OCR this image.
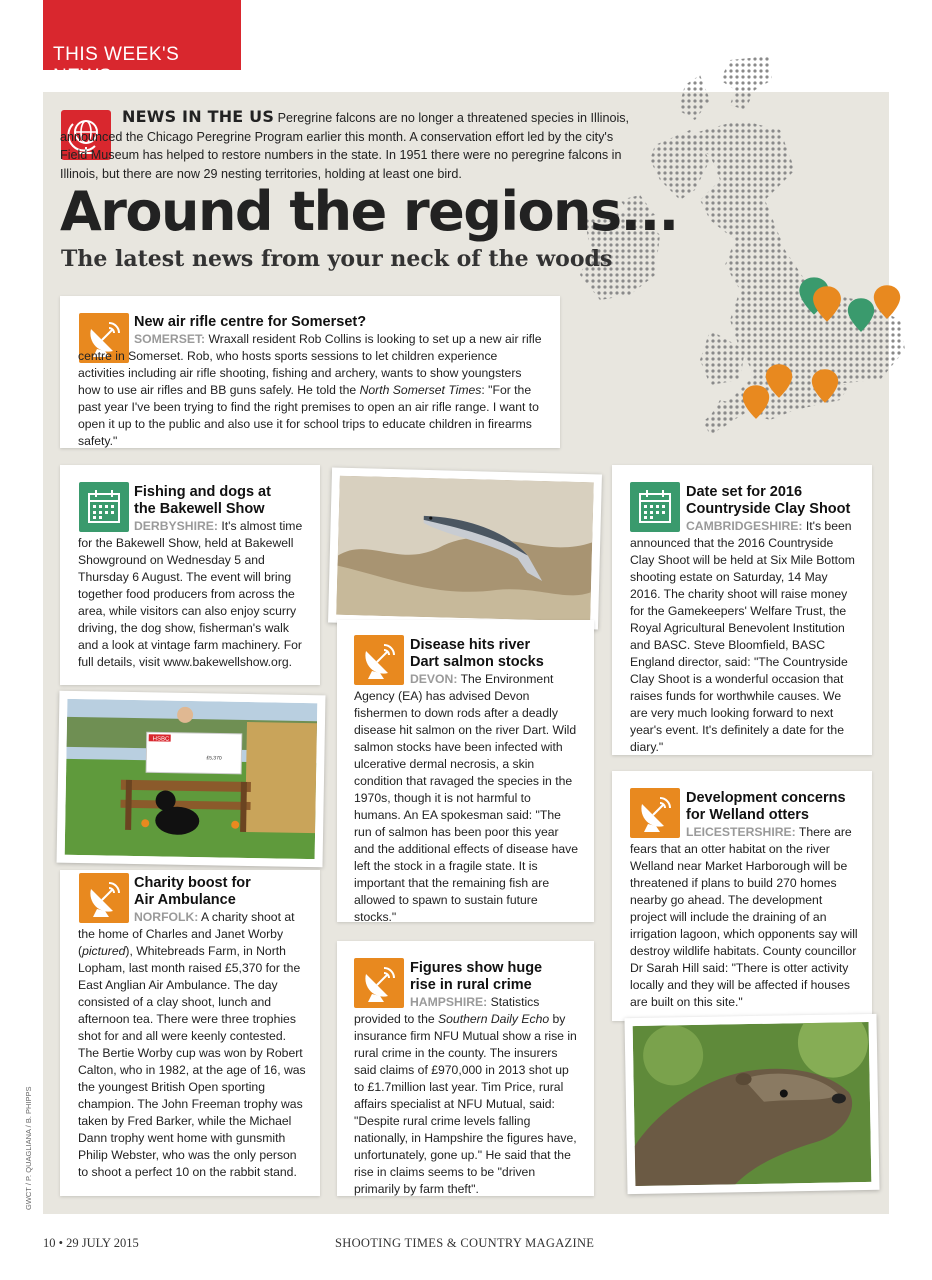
THIS WEEK'S NEWS

NEWS IN THE US Peregrine falcons are no longer a threatened species in Illinois, announced the Chicago Peregrine Program earlier this month. A conservation effort led by the city's Field Museum has helped to restore numbers in the state. In 1951 there were no peregrine falcons in Illinois, but there are now 29 nesting territories, holding at least one bird.

Around the regions...
The latest news from your neck of the woods
New air rifle centre for Somerset?

SOMERSET: Wraxall resident Rob Collins is looking to set up a new air rifle centre in Somerset. Rob, who hosts sports sessions to let children experience activities including air rifle shooting, fishing and archery, wants to show youngsters how to use air rifles and BB guns safely. He told the North Somerset Times: "For the past year I've been trying to find the right premises to open an air rifle range. I want to open it up to the public and also use it for school trips to educate children in firearms safety."

Fishing and dogs at
the Bakewell Show

DERBYSHIRE: It's almost time for the Bakewell Show, held at Bakewell Showground on Wednesday 5 and Thursday 6 August. The event will bring together food producers from across the area, while visitors can also enjoy scurry driving, the dog show, fisherman's walk and a look at vintage farm machinery. For full details, visit www.bakewellshow.org.

HSBC
£5,370
Charity boost for
Air Ambulance

NORFOLK: A charity shoot at the home of Charles and Janet Worby (pictured), Whitebreads Farm, in North Lopham, last month raised £5,370 for the East Anglian Air Ambulance. The day consisted of a clay shoot, lunch and afternoon tea. There were three trophies shot for and all were keenly contested. The Bertie Worby cup was won by Robert Calton, who in 1982, at the age of 16, was the youngest British Open sporting champion. The John Freeman trophy was taken by Fred Barker, while the Michael Dann trophy went home with gunsmith Philip Webster, who was the only person to shoot a perfect 10 on the rabbit stand.

Disease hits river
Dart salmon stocks

DEVON: The Environment Agency (EA) has advised Devon fishermen to down rods after a deadly disease hit salmon on the river Dart. Wild salmon stocks have been infected with ulcerative dermal necrosis, a skin condition that ravaged the species in the 1970s, though it is not harmful to humans. An EA spokesman said: "The run of salmon has been poor this year and the additional effects of disease have left the stock in a fragile state. It is important that the remaining fish are allowed to spawn to sustain future stocks."

Figures show huge
rise in rural crime

HAMPSHIRE: Statistics provided to the Southern Daily Echo by insurance firm NFU Mutual show a rise in rural crime in the county. The insurers said claims of £970,000 in 2013 shot up to £1.7million last year. Tim Price, rural affairs specialist at NFU Mutual, said: "Despite rural crime levels falling nationally, in Hampshire the figures have, unfortunately, gone up." He said that the rise in claims seems to be "driven primarily by farm theft".

Date set for 2016
Countryside Clay Shoot

CAMBRIDGESHIRE: It's been announced that the 2016 Countryside Clay Shoot will be held at Six Mile Bottom shooting estate on Saturday, 14 May 2016. The charity shoot will raise money for the Gamekeepers' Welfare Trust, the Royal Agricultural Benevolent Institution and BASC. Steve Bloomfield, BASC England director, said: "The Countryside Clay Shoot is a wonderful occasion that raises funds for worthwhile causes. We are very much looking forward to next year's event. It's definitely a date for the diary."

Development concerns
for Welland otters

LEICESTERSHIRE: There are fears that an otter habitat on the river Welland near Market Harborough will be threatened if plans to build 270 homes nearby go ahead. The development project will include the draining of an irrigation lagoon, which opponents say will destroy wildlife habitats. County councillor Dr Sarah Hill said: "There is otter activity locally and they will be affected if houses are built on this site."

GWCT / P. QUAGLIANA / B. PHIPPS
10 • 29 JULY 2015	SHOOTING TIMES & COUNTRY MAGAZINE
